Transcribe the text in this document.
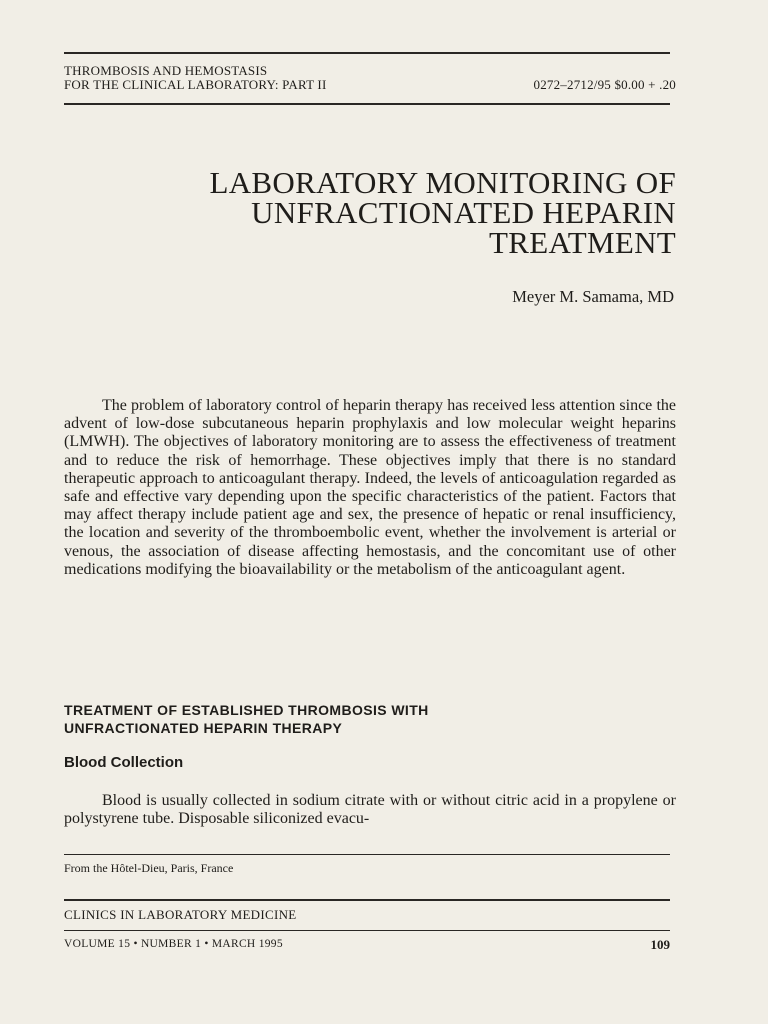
THROMBOSIS AND HEMOSTASIS
FOR THE CLINICAL LABORATORY: PART II	0272–2712/95 $0.00 + .20
LABORATORY MONITORING OF
UNFRACTIONATED HEPARIN
TREATMENT
Meyer M. Samama, MD

The problem of laboratory control of heparin therapy has received less attention since the advent of low-dose subcutaneous heparin prophylaxis and low molecular weight heparins (LMWH). The objectives of laboratory monitoring are to assess the effectiveness of treatment and to reduce the risk of hemorrhage. These objectives imply that there is no standard therapeutic approach to anticoagulant therapy. Indeed, the levels of anticoagulation regarded as safe and effective vary depending upon the specific characteristics of the patient. Factors that may affect therapy include patient age and sex, the presence of hepatic or renal insufficiency, the location and severity of the thromboembolic event, whether the involvement is arterial or venous, the association of disease affecting hemostasis, and the concomitant use of other medications modifying the bioavailability or the metabolism of the anticoagulant agent.

TREATMENT OF ESTABLISHED THROMBOSIS WITH
UNFRACTIONATED HEPARIN THERAPY
Blood Collection

Blood is usually collected in sodium citrate with or without citric acid in a propylene or polystyrene tube. Disposable siliconized evacu-

From the Hôtel-Dieu, Paris, France
CLINICS IN LABORATORY MEDICINE
VOLUME 15 • NUMBER 1 • MARCH 1995	109
